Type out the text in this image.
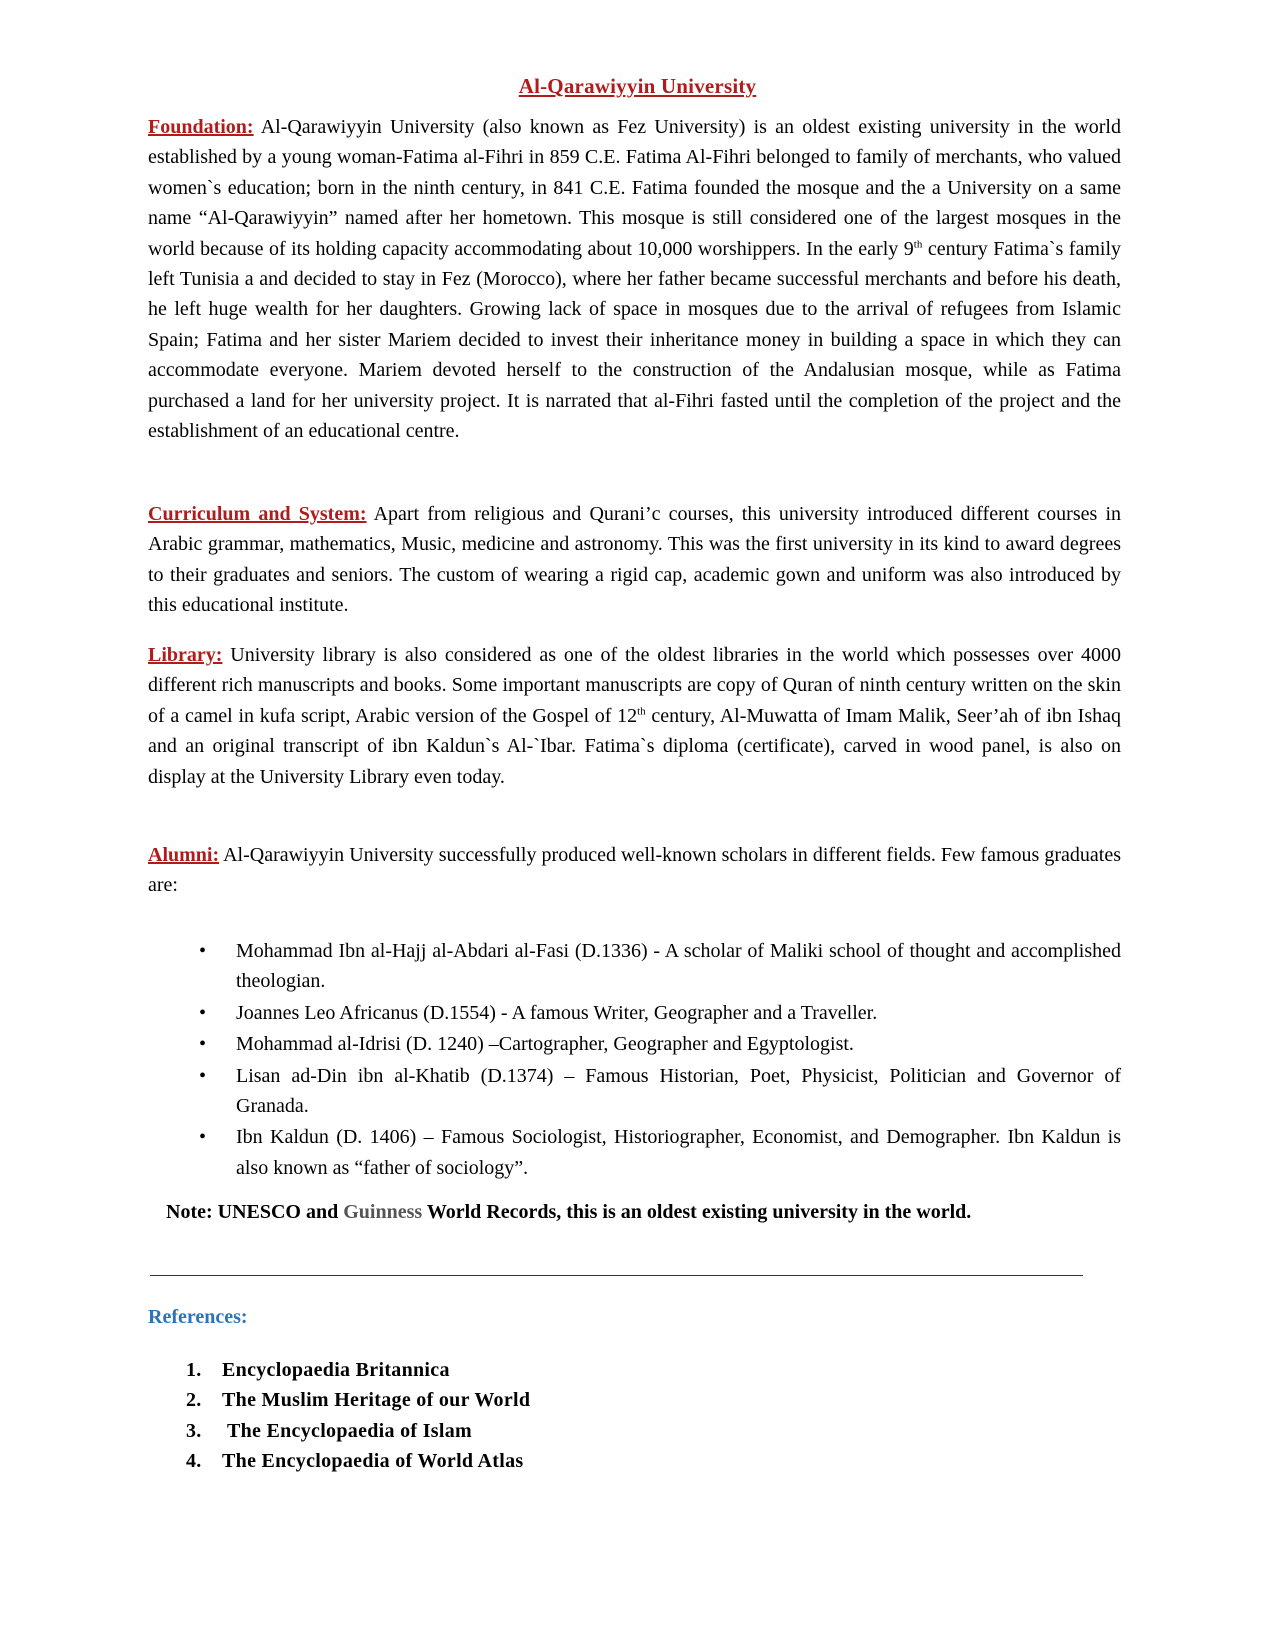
Al-Qarawiyyin University

Foundation: Al-Qarawiyyin University (also known as Fez University) is an oldest existing university in the world established by a young woman-Fatima al-Fihri in 859 C.E. Fatima Al-Fihri belonged to family of merchants, who valued women`s education; born in the ninth century, in 841 C.E. Fatima founded the mosque and the a University on a same name “Al-Qarawiyyin” named after her hometown. This mosque is still considered one of the largest mosques in the world because of its holding capacity accommodating about 10,000 worshippers. In the early 9th century Fatima`s family left Tunisia a and decided to stay in Fez (Morocco), where her father became successful merchants and before his death, he left huge wealth for her daughters. Growing lack of space in mosques due to the arrival of refugees from Islamic Spain; Fatima and her sister Mariem decided to invest their inheritance money in building a space in which they can accommodate everyone. Mariem devoted herself to the construction of the Andalusian mosque, while as Fatima purchased a land for her university project. It is narrated that al-Fihri fasted until the completion of the project and the establishment of an educational centre.

Curriculum and System: Apart from religious and Qurani’c courses, this university introduced different courses in Arabic grammar, mathematics, Music, medicine and astronomy. This was the first university in its kind to award degrees to their graduates and seniors. The custom of wearing a rigid cap, academic gown and uniform was also introduced by this educational institute.

Library: University library is also considered as one of the oldest libraries in the world which possesses over 4000 different rich manuscripts and books. Some important manuscripts are copy of Quran of ninth century written on the skin of a camel in kufa script, Arabic version of the Gospel of 12th century, Al-Muwatta of Imam Malik, Seer’ah of ibn Ishaq and an original transcript of ibn Kaldun`s Al-`Ibar. Fatima`s diploma (certificate), carved in wood panel, is also on display at the University Library even today.

Alumni: Al-Qarawiyyin University successfully produced well-known scholars in different fields. Few famous graduates are:

• Mohammad Ibn al-Hajj al-Abdari al-Fasi (D.1336) - A scholar of Maliki school of thought and accomplished theologian.
• Joannes Leo Africanus (D.1554) - A famous Writer, Geographer and a Traveller.
• Mohammad al-Idrisi (D. 1240) –Cartographer, Geographer and Egyptologist.
• Lisan ad-Din ibn al-Khatib (D.1374) – Famous Historian, Poet, Physicist, Politician and Governor of Granada.
• Ibn Kaldun (D. 1406) – Famous Sociologist, Historiographer, Economist, and Demographer. Ibn Kaldun is also known as “father of sociology”.
Note: UNESCO and Guinness World Records, this is an oldest existing university in the world.
References:
1. Encyclopaedia Britannica
2. The Muslim Heritage of our World
3. The Encyclopaedia of Islam
4. The Encyclopaedia of World Atlas
